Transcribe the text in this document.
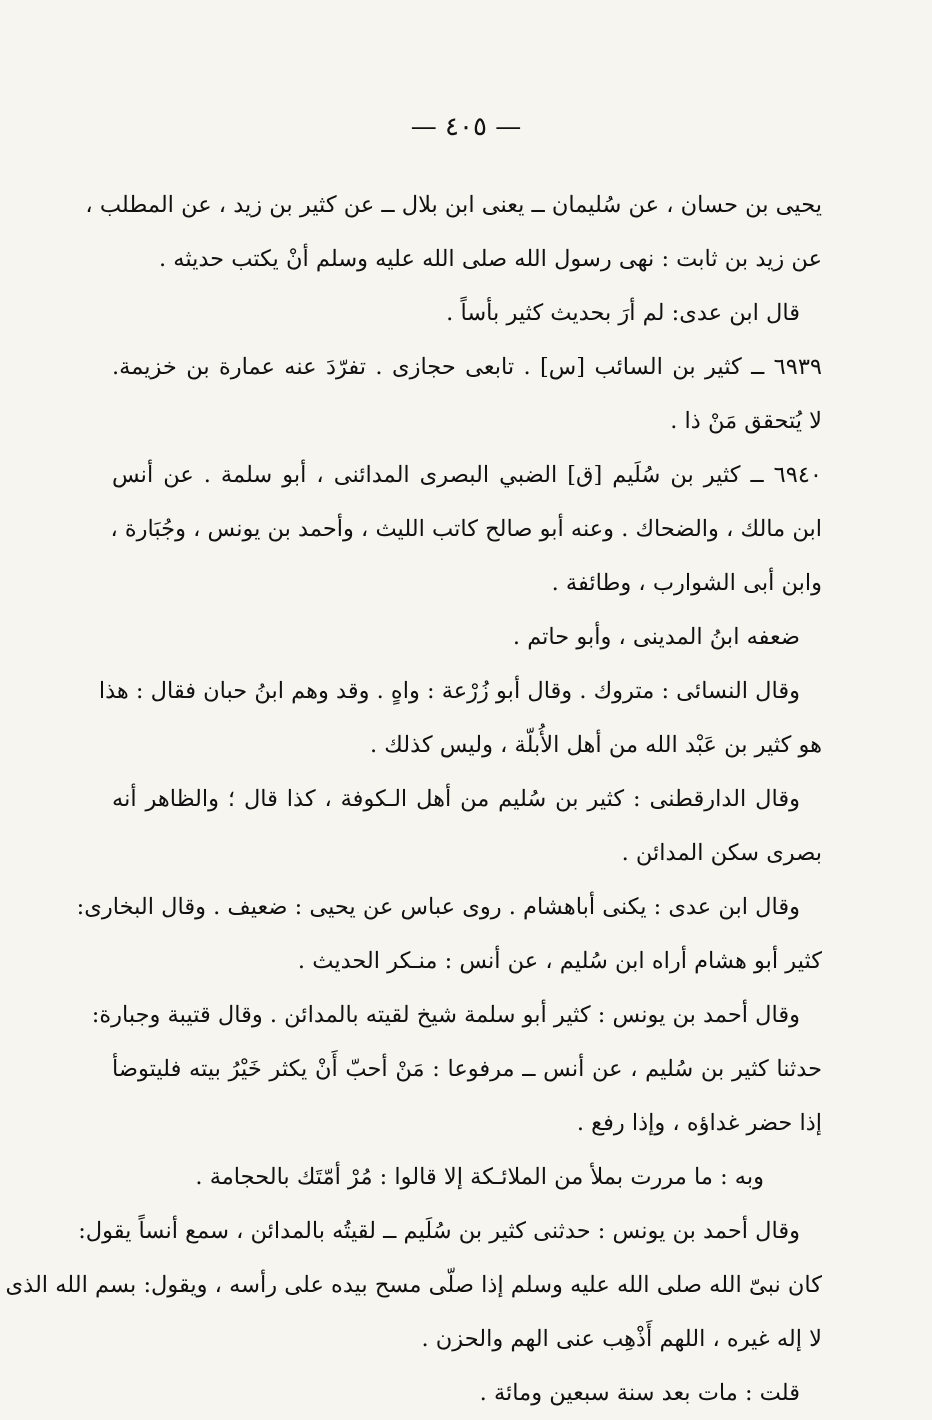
— ٤٠٥ —
يحيى بن حسان ، عن سُليمان ــ يعنى ابن بلال ــ عن كثير بن زيد ، عن المطلب ،
عن زيد بن ثابت : نهى رسول الله صلى الله عليه وسلم أنْ يكتب حديثه .
قال ابن عدى: لم أرَ بحديث كثير بأساً .
٦٩٣٩ ــ كثير بن السائب [س] . تابعى حجازى . تفرّدَ عنه عمارة بن خزيمة.
لا يُتحقق مَنْ ذا .
٦٩٤٠ ــ كثير بن سُلَيم [ق] الضبي البصرى المدائنى ، أبو سلمة . عن أنس
ابن مالك ، والضحاك . وعنه أبو صالح كاتب الليث ، وأحمد بن يونس ، وجُبَارة ،
وابن أبى الشوارب ، وطائفة .
ضعفه ابنُ المدينى ، وأبو حاتم .
وقال النسائى : متروك . وقال أبو زُرْعة : واهٍ . وقد وهم ابنُ حبان فقال : هذا
هو كثير بن عَبْد الله من أهل الأُبلّة ، وليس كذلك .
وقال الدارقطنى : كثير بن سُليم من أهل الـكوفة ، كذا قال ؛ والظاهر أنه
بصرى سكن المدائن .
وقال ابن عدى : يكنى أباهشام . روى عباس عن يحيى : ضعيف . وقال البخارى:
كثير أبو هشام أراه ابن سُليم ، عن أنس : منـكر الحديث .
وقال أحمد بن يونس : كثير أبو سلمة شيخ لقيته بالمدائن . وقال قتيبة وجبارة:
حدثنا كثير بن سُليم ، عن أنس ــ مرفوعا : مَنْ أحبّ أَنْ يكثر خَيْرُ بيته فليتوضأ
إذا حضر غداؤه ، وإذا رفع .
وبه : ما مررت بملأ من الملائـكة إلا قالوا : مُرْ أمّتَك بالحجامة .
وقال أحمد بن يونس : حدثنى كثير بن سُلَيم ــ لقيتُه بالمدائن ، سمع أنساً يقول:
كان نبىّ الله صلى الله عليه وسلم إذا صلّى مسح بيده على رأسه ، ويقول: بسم الله الذى
لا إله غيره ، اللهم أَذْهِب عنى الهم والحزن .
قلت : مات بعد سنة سبعين ومائة .
